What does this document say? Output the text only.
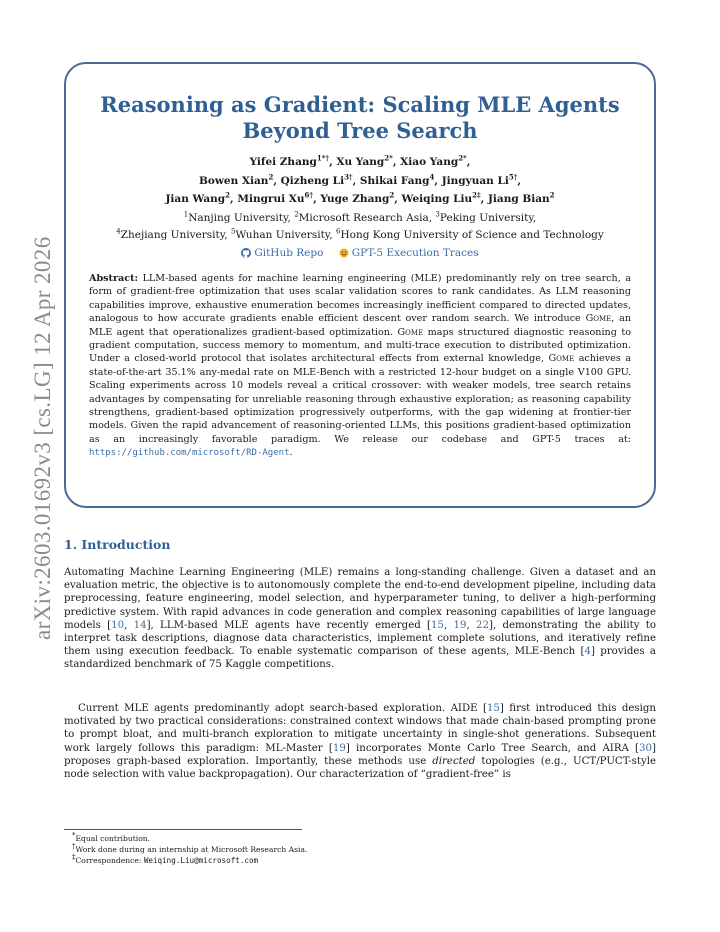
arXiv:2603.01692v3 [cs.LG] 12 Apr 2026
Reasoning as Gradient: Scaling MLE Agents
Beyond Tree Search
Yifei Zhang$^{1*\dagger}$, Xu Yang$^{2*}$, Xiao Yang$^{2*}$,
Bowen Xian$^2$, Qizheng $Li^{3\dagger}$, Shikai Fang$^4$, Jingyuan $Li^{5\dagger}$,
Jian Wang$^2$, Mingrui $Xu^{6\dagger}$, Yuge Zhang$^2$, Weiqing Liu$^{2\ddagger}$, Jiang Bian$^2$
$^1$Nanjing University, $^2$Microsoft Research Asia, $^3$Peking University,
$^4$Zhejiang University, $^5$Wuhan University, $^6$Hong Kong University of Science and Technology
GitHub Repo
	GPT-5 Execution Traces
Abstract: LLM-based agents for machine learning engineering (MLE) predominantly rely on tree search, a form of gradient-free optimization that uses scalar validation scores to rank candidates. As LLM reasoning capabilities improve, exhaustive enumeration becomes increasingly inefficient compared to directed updates, analogous to how accurate gradients enable efficient descent over random search. We introduce Gome, an MLE agent that operationalizes gradient-based optimization. Gome maps structured diagnostic reasoning to gradient computation, success memory to momentum, and multi-trace execution to distributed optimization. Under a closed-world protocol that isolates architectural effects from external knowledge, Gome achieves a state-of-the-art 35.1% any-medal rate on MLE-Bench with a restricted 12-hour budget on a single V100 GPU. Scaling experiments across 10 models reveal a critical crossover: with weaker models, tree search retains advantages by compensating for unreliable reasoning through exhaustive exploration; as reasoning capability strengthens, gradient-based optimization progressively outperforms, with the gap widening at frontier-tier models. Given the rapid advancement of reasoning-oriented LLMs, this positions gradient-based optimization as an increasingly favorable paradigm. We release our codebase and GPT-5 traces at: https://github.com/microsoft/RD-Agent.
1. Introduction
Automating Machine Learning Engineering (MLE) remains a long-standing challenge. Given a dataset and an evaluation metric, the objective is to autonomously complete the end-to-end development pipeline, including data preprocessing, feature engineering, model selection, and hyperparameter tuning, to deliver a high-performing predictive system. With rapid advances in code generation and complex reasoning capabilities of large language models [10, 14], LLM-based MLE agents have recently emerged [15, 19, 22], demonstrating the ability to interpret task descriptions, diagnose data characteristics, implement complete solutions, and iteratively refine them using execution feedback. To enable systematic comparison of these agents, MLE-Bench [4] provides a standardized benchmark of 75 Kaggle competitions.
Current MLE agents predominantly adopt search-based exploration. AIDE [15] first introduced this design motivated by two practical considerations: constrained context windows that made chain-based prompting prone to prompt bloat, and multi-branch exploration to mitigate uncertainty in single-shot generations. Subsequent work largely follows this paradigm: ML-Master [19] incorporates Monte Carlo Tree Search, and AIRA [30] proposes graph-based exploration. Importantly, these methods use directed topologies (e.g., UCT/PUCT-style node selection with value backpropagation). Our characterization of “gradient-free” is
*Equal contribution.
†Work done during an internship at Microsoft Research Asia.
‡Correspondence: Weiqing.Liu@microsoft.com
